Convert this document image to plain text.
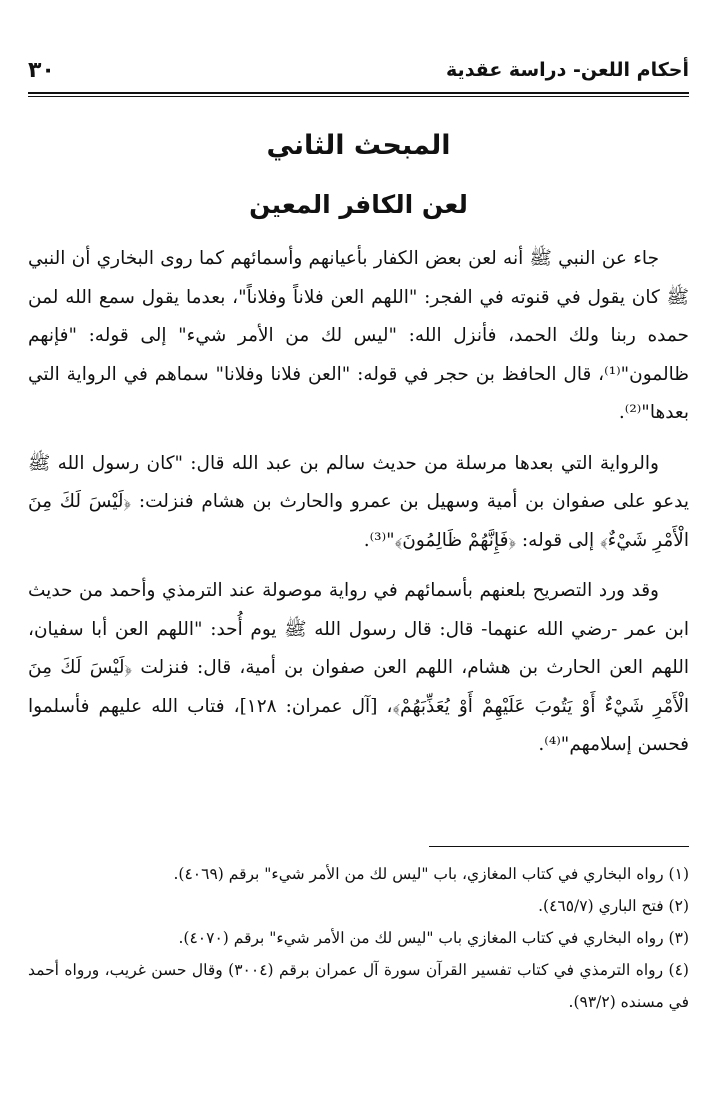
أحكام اللعن- دراسة عقدية
٣٠
المبحث الثاني
لعن الكافر المعين

جاء عن النبي ﷺ أنه لعن بعض الكفار بأعيانهم وأسمائهم كما روى البخاري أن النبي ﷺ كان يقول في قنوته في الفجر: "اللهم العن فلاناً وفلاناً"، بعدما يقول سمع الله لمن حمده ربنا ولك الحمد، فأنزل الله: "ليس لك من الأمر شيء" إلى قوله: "فإنهم ظالمون"⁽¹⁾، قال الحافظ بن حجر في قوله: "العن فلانا وفلانا" سماهم في الرواية التي بعدها"⁽²⁾.

والرواية التي بعدها مرسلة من حديث سالم بن عبد الله قال: "كان رسول الله ﷺ يدعو على صفوان بن أمية وسهيل بن عمرو والحارث بن هشام فنزلت: ﴿لَيْسَ لَكَ مِنَ الْأَمْرِ شَيْءٌ﴾ إلى قوله: ﴿فَإِنَّهُمْ ظَالِمُونَ﴾"⁽³⁾.

وقد ورد التصريح بلعنهم بأسمائهم في رواية موصولة عند الترمذي وأحمد من حديث ابن عمر -رضي الله عنهما- قال: قال رسول الله ﷺ يوم أُحد: "اللهم العن أبا سفيان، اللهم العن الحارث بن هشام، اللهم العن صفوان بن أمية، قال: فنزلت ﴿لَيْسَ لَكَ مِنَ الْأَمْرِ شَيْءٌ أَوْ يَتُوبَ عَلَيْهِمْ أَوْ يُعَذِّبَهُمْ﴾، [آل عمران: ١٢٨]، فتاب الله عليهم فأسلموا فحسن إسلامهم"⁽⁴⁾.

(١) رواه البخاري في كتاب المغازي، باب "ليس لك من الأمر شيء" برقم (٤٠٦٩).

(٢) فتح الباري (٤٦٥/٧).

(٣) رواه البخاري في كتاب المغازي باب "ليس لك من الأمر شيء" برقم (٤٠٧٠).

(٤) رواه الترمذي في كتاب تفسير القرآن سورة آل عمران برقم (٣٠٠٤) وقال حسن غريب، ورواه أحمد في مسنده (٩٣/٢).
